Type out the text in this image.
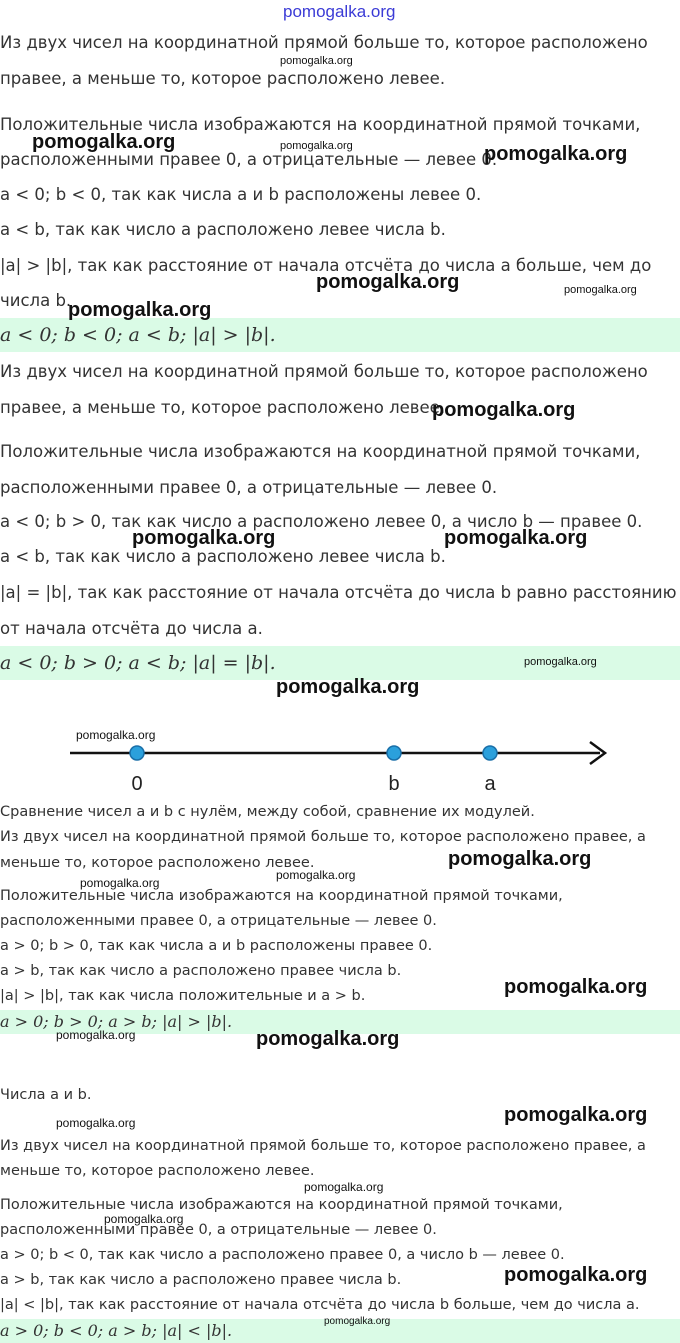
pomogalka.org
Из двух чисел на координатной прямой больше то, которое расположено
правее, а меньше то, которое расположено левее.
Положительные числа изображаются на координатной прямой точками,
расположенными правее 0, а отрицательные — левее 0.
a < 0; b < 0, так как числа a и b расположены левее 0.
a < b, так как число a расположено левее числа b.
|a| > |b|, так как расстояние от начала отсчёта до числа a больше, чем до
числа b.
a < 0; b < 0; a < b; |a| > |b|.
Из двух чисел на координатной прямой больше то, которое расположено
правее, а меньше то, которое расположено левее.
Положительные числа изображаются на координатной прямой точками,
расположенными правее 0, а отрицательные — левее 0.
a < 0; b > 0, так как число a расположено левее 0, а число b — правее 0.
a < b, так как число a расположено левее числа b.
|a| = |b|, так как расстояние от начала отсчёта до числа b равно расстоянию
от начала отсчёта до числа a.
a < 0; b > 0; a < b; |a| = |b|.
0	b	a
Сравнение чисел a и b с нулём, между собой, сравнение их модулей.
Из двух чисел на координатной прямой больше то, которое расположено правее, а
меньше то, которое расположено левее.
Положительные числа изображаются на координатной прямой точками,
расположенными правее 0, а отрицательные — левее 0.
a > 0; b > 0, так как числа a и b расположены правее 0.
a > b, так как число a расположено правее числа b.
|a| > |b|, так как числа положительные и a > b.
a > 0; b > 0; a > b; |a| > |b|.
Числа a и b.
Из двух чисел на координатной прямой больше то, которое расположено правее, а
меньше то, которое расположено левее.
Положительные числа изображаются на координатной прямой точками,
расположенными правее 0, а отрицательные — левее 0.
a > 0; b < 0, так как число a расположено правее 0, а число b — левее 0.
a > b, так как число a расположено правее числа b.
|a| < |b|, так как расстояние от начала отсчёта до числа b больше, чем до числа a.
a > 0; b < 0; a > b; |a| < |b|.
pomogalka.org
pomogalka.org	pomogalka.org	pomogalka.org
pomogalka.org	pomogalka.org
pomogalka.org
pomogalka.org
pomogalka.org	pomogalka.org
pomogalka.org
pomogalka.org
pomogalka.org
pomogalka.org
pomogalka.org
pomogalka.org
pomogalka.org
pomogalka.org	pomogalka.org
pomogalka.org
pomogalka.org
pomogalka.org
pomogalka.org
pomogalka.org
pomogalka.org
